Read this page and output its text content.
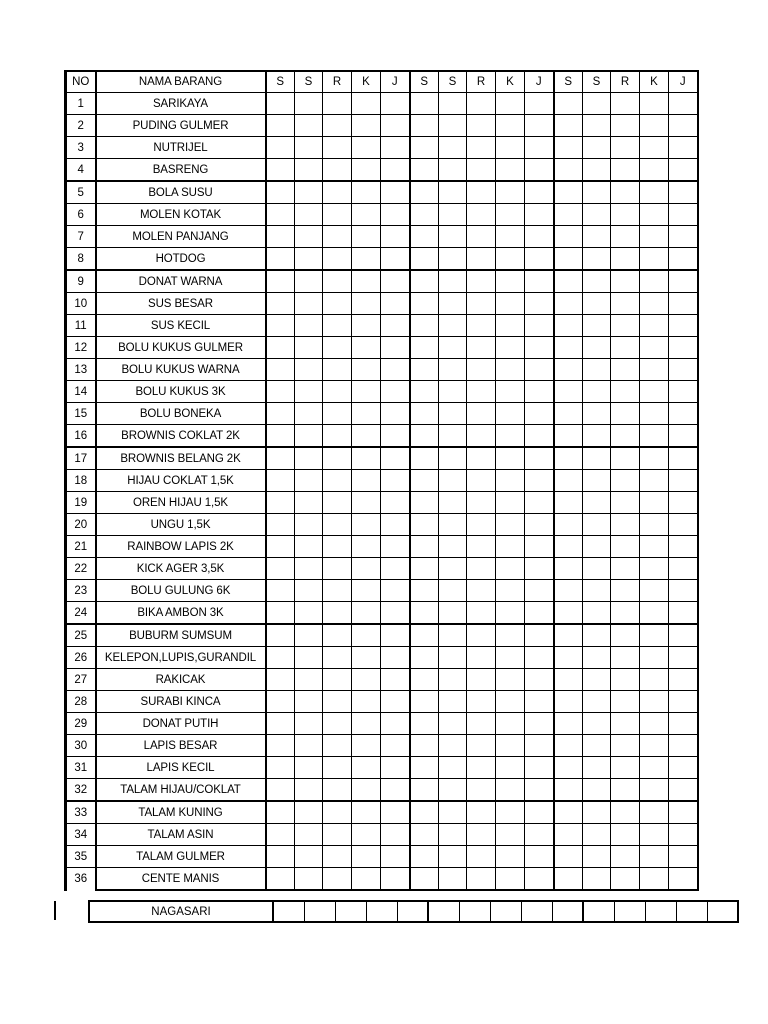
NO	NAMA BARANG	S	S	R	K	J	S	S	R	K	J	S	S	R	K	J
1	SARIKAYA															
2	PUDING GULMER															
3	NUTRIJEL															
4	BASRENG															
5	BOLA SUSU															
6	MOLEN KOTAK															
7	MOLEN PANJANG															
8	HOTDOG															
9	DONAT WARNA															
10	SUS BESAR															
11	SUS KECIL															
12	BOLU KUKUS GULMER															
13	BOLU KUKUS WARNA															
14	BOLU KUKUS 3K															
15	BOLU BONEKA															
16	BROWNIS COKLAT 2K															
17	BROWNIS BELANG 2K															
18	HIJAU COKLAT 1,5K															
19	OREN HIJAU 1,5K															
20	UNGU 1,5K															
21	RAINBOW LAPIS 2K															
22	KICK AGER 3,5K															
23	BOLU GULUNG 6K															
24	BIKA AMBON 3K															
25	BUBURM SUMSUM															
26	KELEPON,LUPIS,GURANDIL															
27	RAKICAK															
28	SURABI KINCA															
29	DONAT PUTIH															
30	LAPIS BESAR															
31	LAPIS KECIL															
32	TALAM HIJAU/COKLAT															
33	TALAM KUNING															
34	TALAM ASIN															
35	TALAM GULMER															
36	CENTE MANIS															
NAGASARI															
